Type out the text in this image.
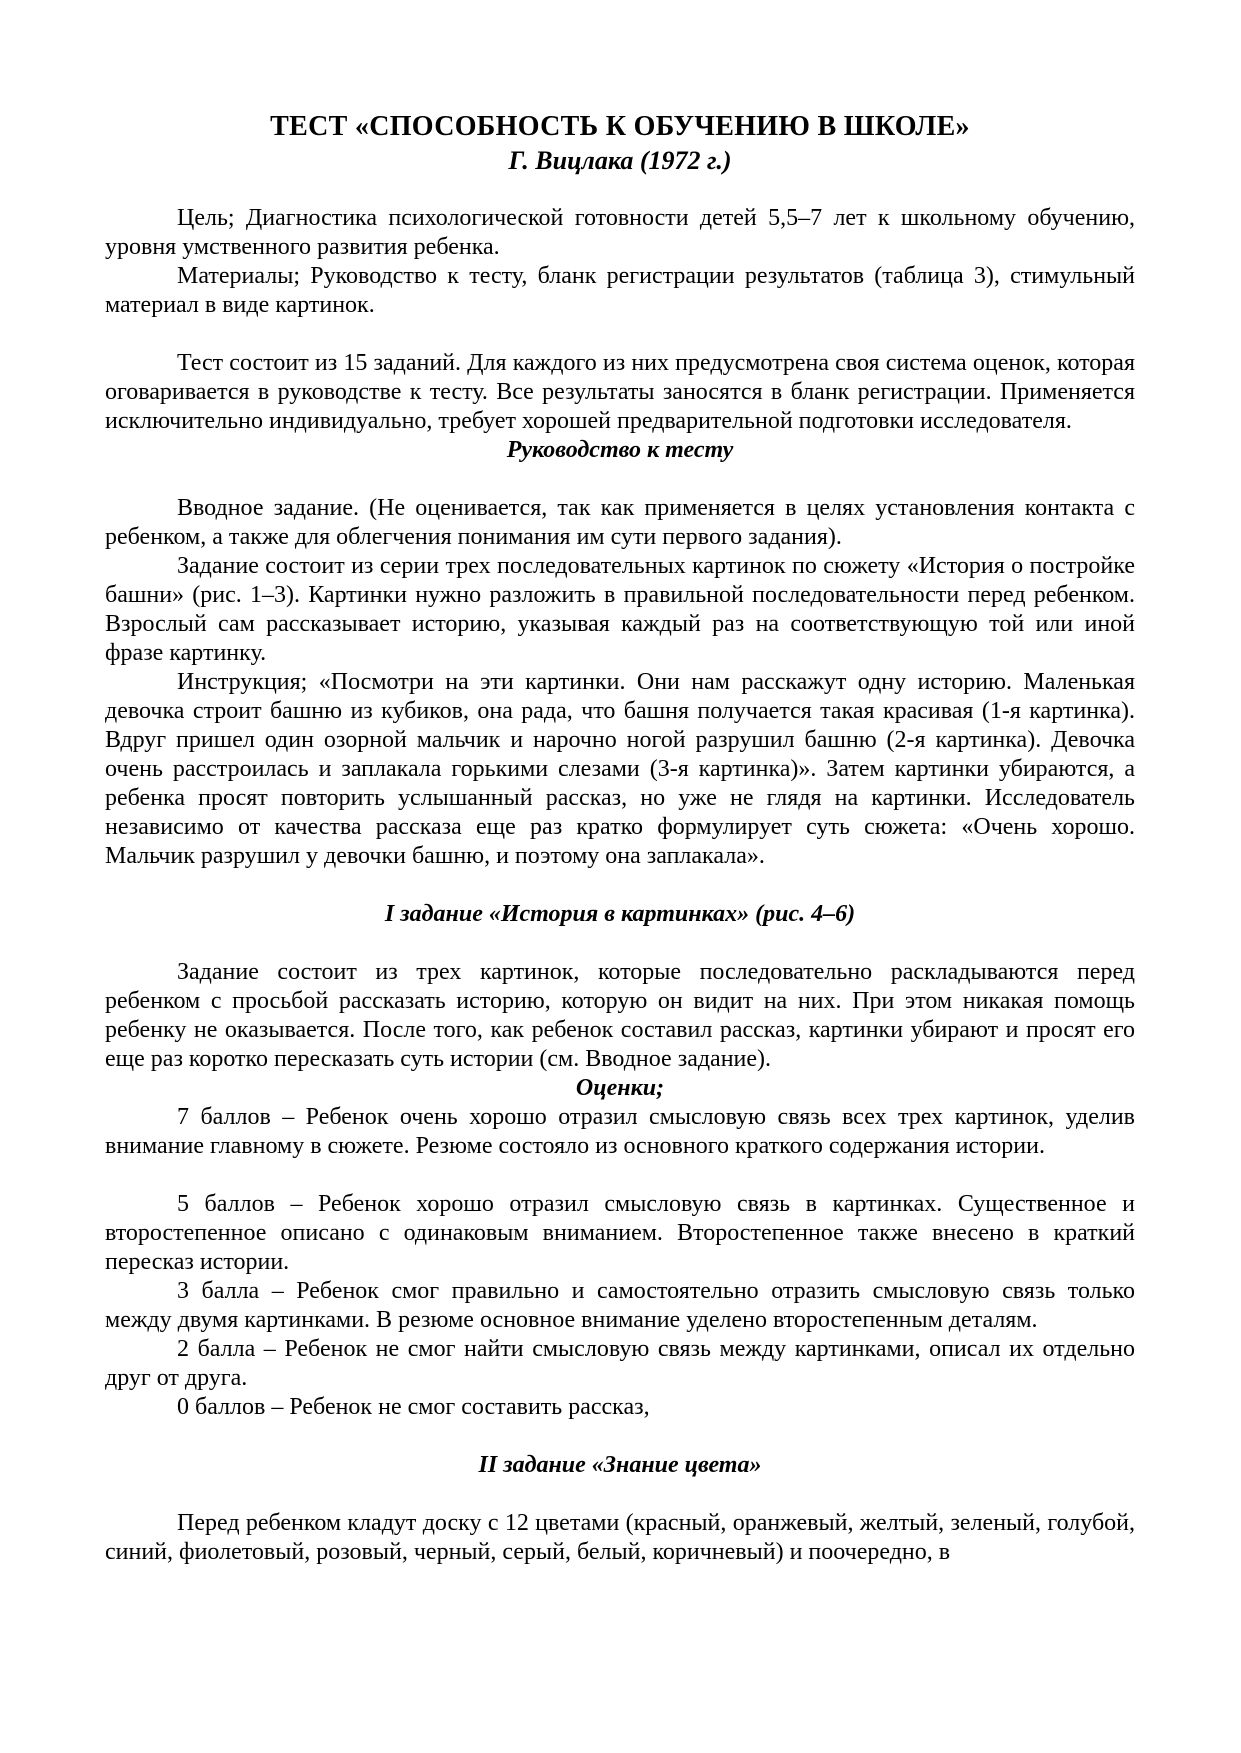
ТЕСТ «СПОСОБНОСТЬ К ОБУЧЕНИЮ В ШКОЛЕ»
Г. Вицлака (1972 г.)

Цель; Диагностика психологической готовности детей 5,5–7 лет к школьному обучению, уровня умственного развития ребенка.

Материалы; Руководство к тесту, бланк регистрации результатов (таблица 3), стимульный материал в виде картинок.

Тест состоит из 15 заданий. Для каждого из них предусмотрена своя система оценок, которая оговаривается в руководстве к тесту. Все результаты заносятся в бланк регистрации. Применяется исключительно индивидуально, требует хорошей предварительной подготовки исследователя.

Руководство к тесту

Вводное задание. (Не оценивается, так как применяется в целях установления контакта с ребенком, а также для облегчения понимания им сути первого задания).

Задание состоит из серии трех последовательных картинок по сюжету «История о постройке башни» (рис. 1–3). Картинки нужно разложить в правильной последовательности перед ребенком. Взрослый сам рассказывает историю, указывая каждый раз на соответствующую той или иной фразе картинку.

Инструкция; «Посмотри на эти картинки. Они нам расскажут одну историю. Маленькая девочка строит башню из кубиков, она рада, что башня получается такая красивая (1-я картинка). Вдруг пришел один озорной мальчик и нарочно ногой разрушил башню (2-я картинка). Девочка очень расстроилась и заплакала горькими слезами (3-я картинка)». Затем картинки убираются, а ребенка просят повторить услышанный рассказ, но уже не глядя на картинки. Исследователь независимо от качества рассказа еще раз кратко формулирует суть сюжета: «Очень хорошо. Мальчик разрушил у девочки башню, и поэтому она заплакала».

I задание «История в картинках» (рис. 4–6)

Задание состоит из трех картинок, которые последовательно раскладываются перед ребенком с просьбой рассказать историю, которую он видит на них. При этом никакая помощь ребенку не оказывается. После того, как ребенок составил рассказ, картинки убирают и просят его еще раз коротко пересказать суть истории (см. Вводное задание).

Оценки;

7 баллов – Ребенок очень хорошо отразил смысловую связь всех трех картинок, уделив внимание главному в сюжете. Резюме состояло из основного краткого содержания истории.

5 баллов – Ребенок хорошо отразил смысловую связь в картинках. Существенное и второстепенное описано с одинаковым вниманием. Второстепенное также внесено в краткий пересказ истории.

3 балла – Ребенок смог правильно и самостоятельно отразить смысловую связь только между двумя картинками. В резюме основное внимание уделено второстепенным деталям.

2 балла – Ребенок не смог найти смысловую связь между картинками, описал их отдельно друг от друга.

0 баллов – Ребенок не смог составить рассказ,

II задание «Знание цвета»

Перед ребенком кладут доску с 12 цветами (красный, оранжевый, желтый, зеленый, голубой, синий, фиолетовый, розовый, черный, серый, белый, коричневый) и поочередно, в
